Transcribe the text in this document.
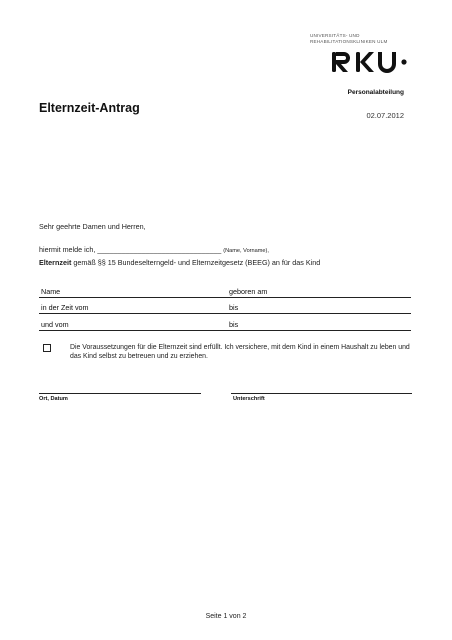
UNIVERSITÄTS- UND
REHABILITATIONSKLINIKEN ULM
Personalabteilung
Elternzeit-Antrag
02.07.2012
Sehr geehrte Damen und Herren,
hiermit melde ich, _______________________________ (Name, Vorname),
Elternzeit gemäß §§ 15 Bundeselterngeld- und Elternzeitgesetz (BEEG) an für das Kind
Name	geboren am
in der Zeit vom	bis
und vom	bis
Die Voraussetzungen für die Elternzeit sind erfüllt. Ich versichere, mit dem Kind in einem Haushalt zu leben und das Kind selbst zu betreuen und zu erziehen.
Ort, Datum	Unterschrift
Seite 1 von 2
